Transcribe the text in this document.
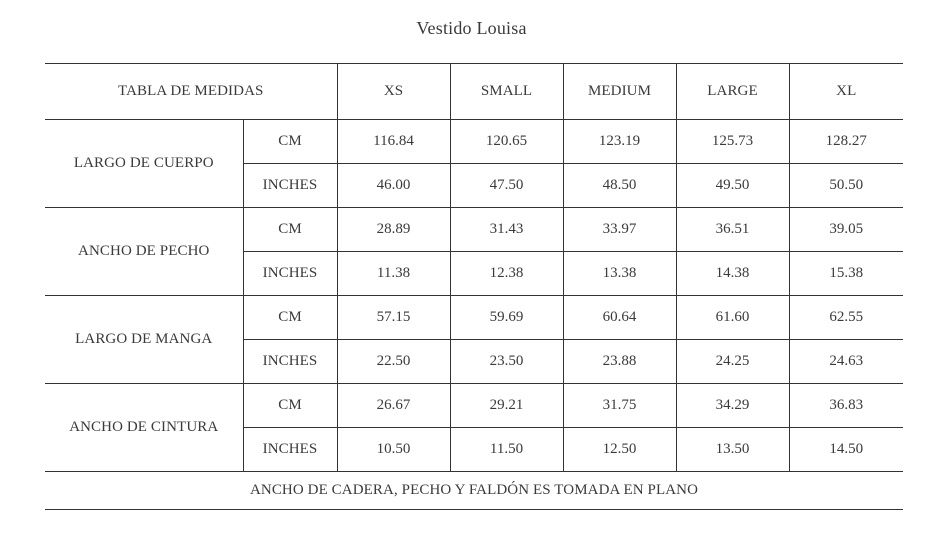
Vestido Louisa
TABLA DE MEDIDAS		XS	SMALL	MEDIUM	LARGE	XL
LARGO DE CUERPO	CM	116.84	120.65	123.19	125.73	128.27
	INCHES	46.00	47.50	48.50	49.50	50.50
ANCHO DE PECHO	CM	28.89	31.43	33.97	36.51	39.05
	INCHES	11.38	12.38	13.38	14.38	15.38
LARGO DE MANGA	CM	57.15	59.69	60.64	61.60	62.55
	INCHES	22.50	23.50	23.88	24.25	24.63
ANCHO DE CINTURA	CM	26.67	29.21	31.75	34.29	36.83
	INCHES	10.50	11.50	12.50	13.50	14.50
ANCHO DE CADERA, PECHO Y FALDÓN ES TOMADA EN PLANO						
